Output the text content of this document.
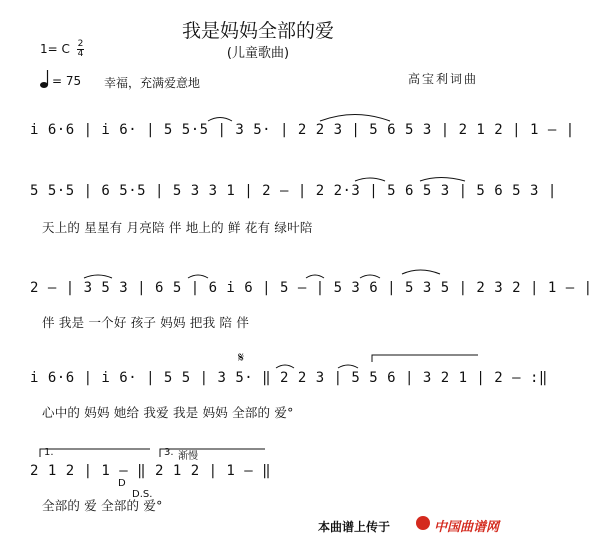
我是妈妈全部的爱
(儿童歌曲)
1= C 2
4
= 75 幸福，充满爱意地	高宝利词曲
i 6·6 | i 6· | 5 5·5 | 3 5· | 2 2 3 | 5 6 5 3 | 2 1 2 | 1 – |
5 5·5 | 6 5·5 | 5 3 3 1 | 2 – | 2 2·3 | 5 6 5 3 | 5 6 5 3 |
天上的 星星有 月亮陪 伴 地上的 鲜 花有 绿叶陪
2 – | 3 5 3 | 6 5 | 6 i 6 | 5 – | 5 3 6 | 5 3 5 | 2 3 2 | 1 – |
伴 我是 一个好 孩子 妈妈 把我 陪 伴
𝄋
i 6·6 | i 6· | 5 5 | 3 5· ‖ 2 2 3 | 5 5 6 | 3 2 1 | 2 – :‖
心中的 妈妈 她给 我爱 我是 妈妈 全部的 爱°
1.	3. 渐慢
2 1 2 | 1 – ‖ 2 1 2 | 1 – ‖
D
D.S.
全部的 爱 全部的 爱°
本曲谱上传于	中国曲谱网
